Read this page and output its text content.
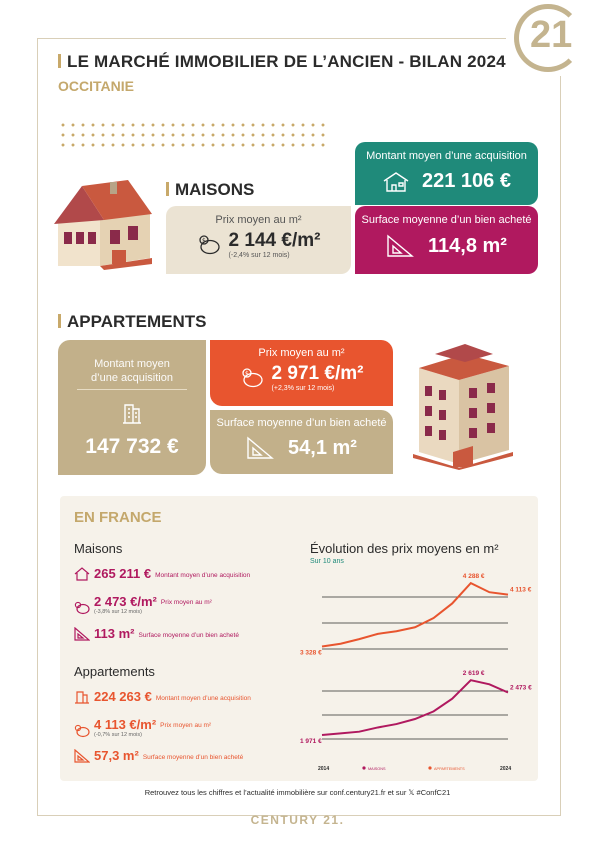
21
LE MARCHÉ IMMOBILIER DE L’ANCIEN - BILAN 2024
OCCITANIE
MAISONS
Montant moyen d’une acquisition
221 106 €
Prix moyen au m²
$ 2 144 €/m²
(-2,4% sur 12 mois)
Surface moyenne d’un bien acheté
114,8 m²
APPARTEMENTS
Montant moyen
d’une acquisition
147 732 €
Prix moyen au m²
$ 2 971 €/m²
(+2,3% sur 12 mois)
Surface moyenne d’un bien acheté
54,1 m²
EN FRANCE
Maisons
265 211 € Montant moyen d’une acquisition
2 473 €/m²
(-3,8% sur 12 mois)
Prix moyen au m²
113 m² Surface moyenne d’un bien acheté
Appartements
224 263 € Montant moyen d’une acquisition
4 113 €/m²
(-0,7% sur 12 mois)
Prix moyen au m²
57,3 m² Surface moyenne d’un bien acheté
Évolution des prix moyens en m²
Sur 10 ans
3 328 €
4 288 €
4 113 €
1 971 €
2 619 €
2 473 €
2014	2024
MAISONS	APPARTEMENTS
Retrouvez tous les chiffres et l’actualité immobilière sur conf.century21.fr et sur 𝕏 #ConfC21
CENTURY 21.
